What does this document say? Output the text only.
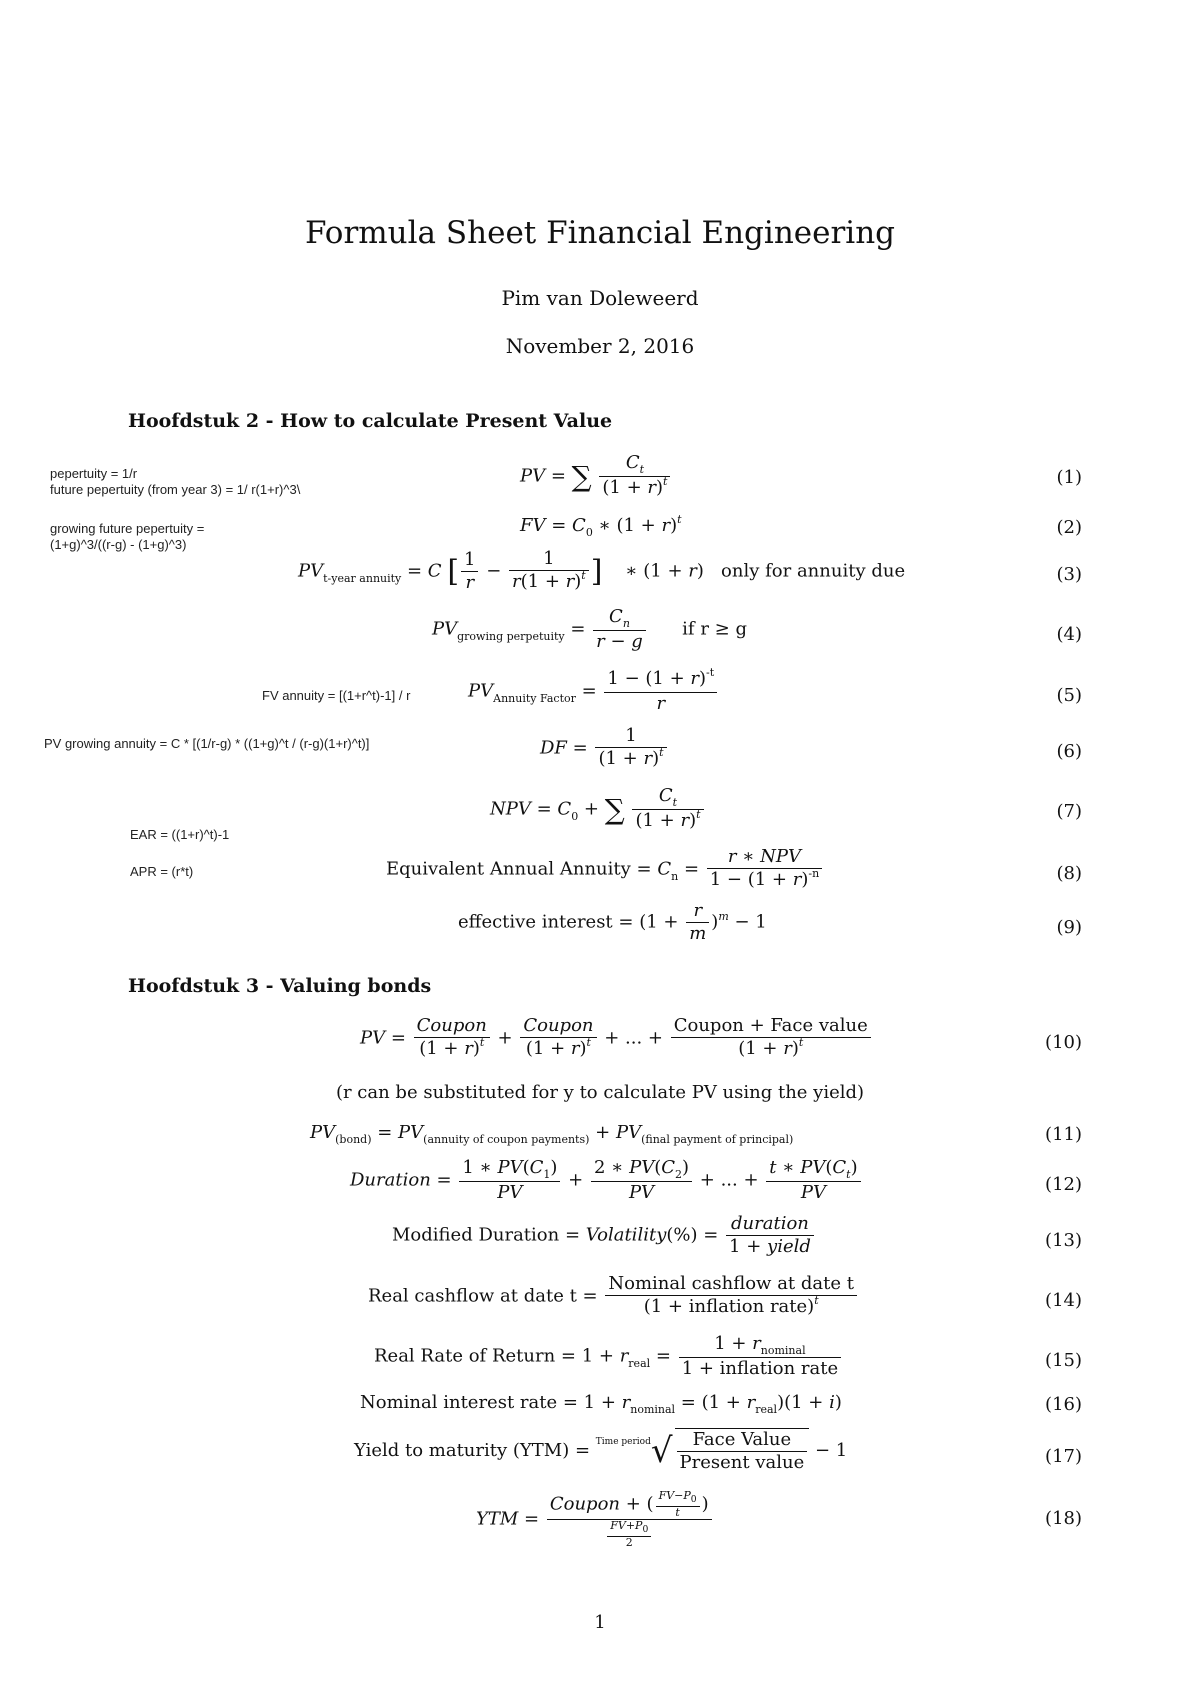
Formula Sheet Financial Engineering
Pim van Doleweerd
November 2, 2016
Hoofdstuk 2 - How to calculate Present Value
pepertuity = 1/r
future pepertuity (from year 3) = 1/ r(1+r)^3\
growing future pepertuity =
(1+g)^3/((r-g) - (1+g)^3)
FV annuity = [(1+r^t)-1] / r
PV growing annuity = C * [(1/r-g) * ((1+g)^t / (r-g)(1+r)^t)]
EAR = ((1+r)^t)-1
APR = (r*t)
PV = ∑ $\frac{C_t}{(1 + r)^t}$	(1)
FV = $C_0$ ∗ $(1 + r)^t$	(2)
$PV_{t-year annuity} = C$ [ $\frac{1}{r} - \frac{1}{r(1 + r)^t}$ ]    ∗ (1 + r)   only for annuity due	(3)
$PV_{growing perpetuity} = \frac{C_n}{r - g}$ if r ≥ g	(4)
$PV_{Annuity Factor} = \frac{1 - (1 + r)^{-t}}{r}$	(5)
DF = $\frac{1}{(1 + r)^t}$	(6)
NPV = $C_0$ + ∑ $\frac{C_t}{(1 + r)^t}$	(7)
Equivalent Annual Annuity = $C_n = \frac{\text{r ∗ NPV}}{1 - (1 + r)^{-n}}$	(8)
effective interest = $(1 + \frac{r}{m} )^m - 1$	(9)
Hoofdstuk 3 - Valuing bonds
PV = $\frac{\text{Coupon}}{(1 + r)^t} + \frac{\text{Coupon}}{(1 + r)^t}$ + ... + $\frac{\text{Coupon + Face value}}{(1 + r)^t}$	(10)
(r can be substituted for y to calculate PV using the yield)
$PV_{(bond)} = PV_{(annuity of coupon payments)} + PV_{(final payment of principal)}$	(11)
Duration = $\frac{1 ∗ PV(C_1)}{PV} + \frac{2 ∗ PV(C_2)}{PV}$ + ... + $\frac{t ∗ PV(C_t)}{PV}$	(12)
Modified Duration = Volatility(%) = $\frac{\text{duration}}{\text{1 + yield}}$	(13)
Real cashflow at date $t = \frac{\text{Nominal cashflow at date t}}{(1 + inflation rate)^t}$	(14)
Real Rate of Return = $1 + r_{real} = \frac{1 + r_{nominal}}{\text{1 + inflation rate}}$	(15)
Nominal interest rate = $1 + r_{nominal} = (1 + r_{real})(1 + i)$	(16)
Yield to maturity $(YTM) = ^{Time period}√ \frac{\text{Face Value}}{\text{Present value}} - 1$	(17)
YTM = $\frac{Coupon + ( \frac{FV-P_0}{t} )}{\frac{FV+P_0}{2}}$	(18)
1
